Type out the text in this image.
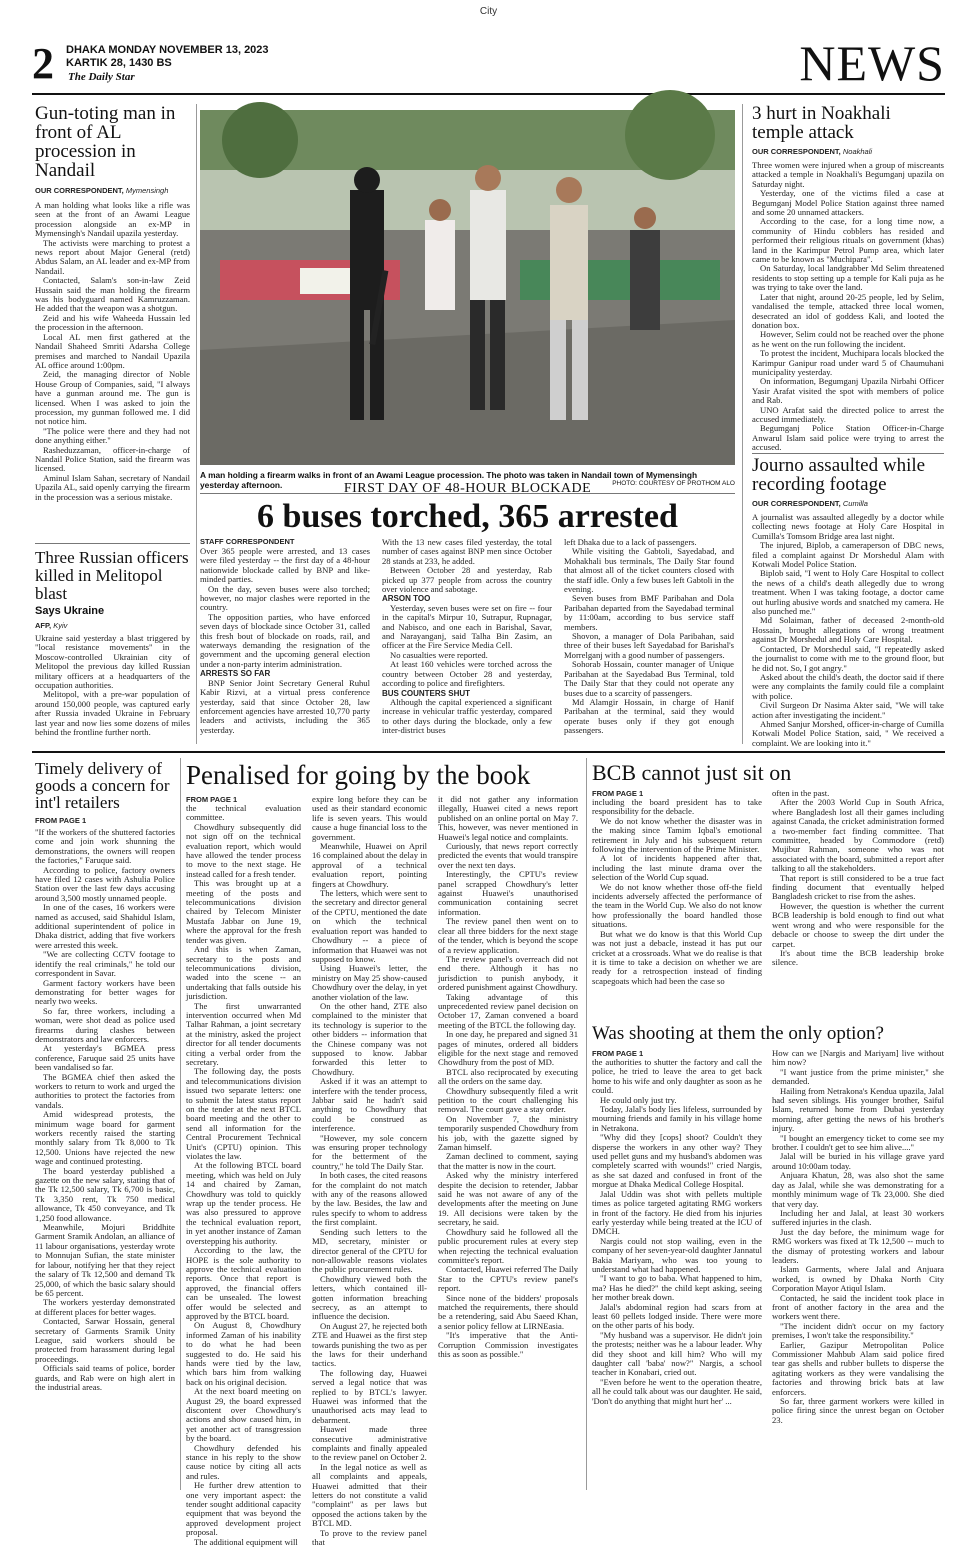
City
2 DHAKA MONDAY NOVEMBER 13, 2023
KARTIK 28, 1430 BS
The Daily Star	NEWS
Gun-toting man in front of AL procession in Nandail
OUR CORRESPONDENT, Mymensingh

A man holding what looks like a rifle was seen at the front of an Awami League procession alongside an ex-MP in Mymensingh's Nandail upazila yesterday.

The activists were marching to protest a news report about Major General (retd) Abdus Salam, an AL leader and ex-MP from Nandail.

Contacted, Salam's son-in-law Zeid Hussain said the man holding the firearm was his bodyguard named Kamruzzaman. He added that the weapon was a shotgun.

Zeid and his wife Waheeda Hussain led the procession in the afternoon.

Local AL men first gathered at the Nandail Shaheed Smriti Adarsha College premises and marched to Nandail Upazila AL office around 1:00pm.

Zeid, the managing director of Noble House Group of Companies, said, "I always have a gunman around me. The gun is licensed. When I was asked to join the procession, my gunman followed me. I did not notice him.

"The police were there and they had not done anything either."

Rasheduzzaman, officer-in-charge of Nandail Police Station, said the firearm was licensed.

Aminul Islam Sahan, secretary of Nandail Upazila AL, said openly carrying the firearm in the procession was a serious mistake.

Three Russian officers killed in Melitopol blast
Says Ukraine
AFP, Kyiv

Ukraine said yesterday a blast triggered by "local resistance movements" in the Moscow-controlled Ukrainian city of Melitopol the previous day killed Russian military officers at a headquarters of the occupation authorities.

Melitopol, with a pre-war population of around 150,000 people, was captured early after Russia invaded Ukraine in February last year and now lies some dozens of miles behind the frontline further north.

A man holding a firearm walks in front of an Awami League procession. The photo was taken in Nandail town of Mymensingh yesterday afternoon.	PHOTO: COURTESY OF PROTHOM ALO
FIRST DAY OF 48-HOUR BLOCKADE
6 buses torched, 365 arrested
STAFF CORRESPONDENT

Over 365 people were arrested, and 13 cases were filed yesterday -- the first day of a 48-hour nationwide blockade called by BNP and like-minded parties.

On the day, seven buses were also torched; however, no major clashes were reported in the country.

The opposition parties, who have enforced seven days of blockade since October 31, called this fresh bout of blockade on roads, rail, and waterways demanding the resignation of the government and the upcoming general election under a non-party interim administration.

ARRESTS SO FAR

BNP Senior Joint Secretary General Ruhul Kabir Rizvi, at a virtual press conference yesterday, said that since October 28, law enforcement agencies have arrested 10,770 party leaders and activists, including the 365 yesterday.

With the 13 new cases filed yesterday, the total number of cases against BNP men since October 28 stands at 233, he added.

Between October 28 and yesterday, Rab picked up 377 people from across the country over violence and sabotage.

ARSON TOO

Yesterday, seven buses were set on fire -- four in the capital's Mirpur 10, Sutrapur, Rupnagar, and Nabisco, and one each in Barishal, Savar, and Narayanganj, said Talha Bin Zasim, an officer at the Fire Service Media Cell.

No casualties were reported.

At least 160 vehicles were torched across the country between October 28 and yesterday, according to police and firefighters.

BUS COUNTERS SHUT

Although the capital experienced a significant increase in vehicular traffic yesterday, compared to other days during the blockade, only a few inter-district buses

left Dhaka due to a lack of passengers.

While visiting the Gabtoli, Sayedabad, and Mohakhali bus terminals, The Daily Star found that almost all of the ticket counters closed with the staff idle. Only a few buses left Gabtoli in the evening.

Seven buses from BMF Paribahan and Dola Paribahan departed from the Sayedabad terminal by 11:00am, according to bus service staff members.

Shovon, a manager of Dola Paribahan, said three of their buses left Sayedabad for Barishal's Morrelganj with a good number of passengers.

Sohorab Hossain, counter manager of Unique Paribahan at the Sayedabad Bus Terminal, told The Daily Star that they could not operate any buses due to a scarcity of passengers.

Md Alamgir Hossain, in charge of Hanif Paribahan at the terminal, said they would operate buses only if they got enough passengers.

3 hurt in Noakhali temple attack
OUR CORRESPONDENT, Noakhali

Three women were injured when a group of miscreants attacked a temple in Noakhali's Begumganj upazila on Saturday night.

Yesterday, one of the victims filed a case at Begumganj Model Police Station against three named and some 20 unnamed attackers.

According to the case, for a long time now, a community of Hindu cobblers has resided and performed their religious rituals on government (khas) land in the Karimpur Petrol Pump area, which later came to be known as "Muchipara".

On Saturday, local landgrabber Md Selim threatened residents to stop setting up a temple for Kali puja as he was trying to take over the land.

Later that night, around 20-25 people, led by Selim, vandalised the temple, attacked three local women, desecrated an idol of goddess Kali, and looted the donation box.

However, Selim could not be reached over the phone as he went on the run following the incident.

To protest the incident, Muchipara locals blocked the Karimpur Ganipur road under ward 5 of Chaumuhani municipality yesterday.

On information, Begumganj Upazila Nirbahi Officer Yasir Arafat visited the spot with members of police and Rab.

UNO Arafat said the directed police to arrest the accused immediately.

Begumganj Police Station Officer-in-Charge Anwarul Islam said police were trying to arrest the accused.

Journo assaulted while recording footage
OUR CORRESPONDENT, Cumilla

A journalist was assaulted allegedly by a doctor while collecting news footage at Holy Care Hospital in Cumilla's Tomsom Bridge area last night.

The injured, Biplob, a cameraperson of DBC news, filed a complaint against Dr Morshedul Alam with Kotwali Model Police Station.

Biplob said, "I went to Holy Care Hospital to collect the news of a child's death allegedly due to wrong treatment. When I was taking footage, a doctor came out hurling abusive words and snatched my camera. He also punched me."

Md Solaiman, father of deceased 2-month-old Hossain, brought allegations of wrong treatment against Dr Morshedul and Holy Care Hospital.

Contacted, Dr Morshedul said, "I repeatedly asked the journalist to come with me to the ground floor, but he did not. So, I got angry."

Asked about the child's death, the doctor said if there were any complaints the family could file a complaint with police.

Civil Surgeon Dr Nasima Akter said, "We will take action after investigating the incident."

Ahmed Sanjur Morshed, officer-in-charge of Cumilla Kotwali Model Police Station, said, " We received a complaint. We are looking into it."

Timely delivery of goods a concern for int'l retailers
FROM PAGE 1

"If the workers of the shuttered factories come and join work shunning the demonstrations, the owners will reopen the factories," Faruque said.

According to police, factory owners have filed 12 cases with Ashulia Police Station over the last few days accusing around 3,500 mostly unnamed people.

In one of the cases, 16 workers were named as accused, said Shahidul Islam, additional superintendent of police in Dhaka district, adding that five workers were arrested this week.

"We are collecting CCTV footage to identify the real criminals," he told our correspondent in Savar.

Garment factory workers have been demonstrating for better wages for nearly two weeks.

So far, three workers, including a woman, were shot dead as police used firearms during clashes between demonstrators and law enforcers.

At yesterday's BGMEA press conference, Faruque said 25 units have been vandalised so far.

The BGMEA chief then asked the workers to return to work and urged the authorities to protect the factories from vandals.

Amid widespread protests, the minimum wage board for garment workers recently raised the starting monthly salary from Tk 8,000 to Tk 12,500. Unions have rejected the new wage and continued protesting.

The board yesterday published a gazette on the new salary, stating that of the Tk 12,500 salary, Tk 6,700 is basic, Tk 3,350 rent, Tk 750 medical allowance, Tk 450 conveyance, and Tk 1,250 food allowance.

Meanwhile, Mojuri Briddhite Garment Sramik Andolan, an alliance of 11 labour organisations, yesterday wrote to Monnujan Sufian, the state minister for labour, notifying her that they reject the salary of Tk 12,500 and demand Tk 25,000, of which the basic salary should be 65 percent.

The workers yesterday demonstrated at different places for better wages.

Contacted, Sarwar Hossain, general secretary of Garments Sramik Unity League, said workers should be protected from harassment during legal proceedings.

Officials said teams of police, border guards, and Rab were on high alert in the industrial areas.

Penalised for going by the book
FROM PAGE 1

the technical evaluation committee.

Chowdhury subsequently did not sign off on the technical evaluation report, which would have allowed the tender process to move to the next stage. He instead called for a fresh tender.

This was brought up at a meeting of the posts and telecommunications division chaired by Telecom Minister Mustafa Jabbar on June 19, where the approval for the fresh tender was given.

And this is when Zaman, secretary to the posts and telecommunications division, waded into the scene -- an undertaking that falls outside his jurisdiction.

The first unwarranted intervention occurred when Md Talhar Rahman, a joint secretary at the ministry, asked the project director for all tender documents citing a verbal order from the secretary.

The following day, the posts and telecommunications division issued two separate letters: one to submit the latest status report on the tender at the next BTCL board meeting and the other to send all information for the Central Procurement Technical Unit's (CPTU) opinion. This violates the law.

At the following BTCL board meeting, which was held on July 14 and chaired by Zaman, Chowdhury was told to quickly wrap up the tender process. He was also pressured to approve the technical evaluation report, in yet another instance of Zaman overstepping his authority.

According to the law, the HOPE is the sole authority to approve the technical evaluation reports. Once that report is approved, the financial offers can be unsealed. The lowest offer would be selected and approved by the BTCL board.

On August 8, Chowdhury informed Zaman of his inability to do what he had been suggested to do. He said his hands were tied by the law, which bars him from walking back on his original decision.

At the next board meeting on August 29, the board expressed discontent over Chowdhury's actions and show caused him, in yet another act of transgression by the board.

Chowdhury defended his stance in his reply to the show cause notice by citing all acts and rules.

He further drew attention to one very important aspect: the tender sought additional capacity equipment that was beyond the approved development project proposal.

The additional equipment will

expire long before they can be used as their standard economic life is seven years. This would cause a huge financial loss to the government.

Meanwhile, Huawei on April 16 complained about the delay in approval of a technical evaluation report, pointing fingers at Chowdhury.

The letters, which were sent to the secretary and director general of the CPTU, mentioned the date on which the technical evaluation report was handed to Chowdhury -- a piece of information that Huawei was not supposed to know.

Using Huawei's letter, the ministry on May 25 show-caused Chowdhury over the delay, in yet another violation of the law.

On the other hand, ZTE also complained to the minister that its technology is superior to the other bidders -- information that the Chinese company was not supposed to know. Jabbar forwarded this letter to Chowdhury.

Asked if it was an attempt to interfere with the tender process, Jabbar said he hadn't said anything to Chowdhury that could be construed as interference.

"However, my sole concern was ensuring proper technology for the betterment of the country," he told The Daily Star.

In both cases, the cited reasons for the complaint do not match with any of the reasons allowed by the law. Besides, the law and rules specify to whom to address the first complaint.

Sending such letters to the MD, secretary, minister or director general of the CPTU for non-allowable reasons violates the public procurement rules.

Chowdhury viewed both the letters, which contained ill-gotten information breaching secrecy, as an attempt to influence the decision.

On August 27, he rejected both ZTE and Huawei as the first step towards punishing the two as per the laws for their underhand tactics.

The following day, Huawei served a legal notice that was replied to by BTCL's lawyer. Huawei was informed that the unauthorised acts may lead to debarment.

Huawei made three consecutive administrative complaints and finally appealed to the review panel on October 2.

In the legal notice as well as all complaints and appeals, Huawei admitted that their letters do not constitute a valid "complaint" as per laws but opposed the actions taken by the BTCL MD.

To prove to the review panel that

it did not gather any information illegally, Huawei cited a news report published on an online portal on May 7. This, however, was never mentioned in Huawei's legal notice and complaints.

Curiously, that news report correctly predicted the events that would transpire over the next ten days.

Interestingly, the CPTU's review panel scrapped Chowdhury's letter against Huawei's unauthorised communication containing secret information.

The review panel then went on to clear all three bidders for the next stage of the tender, which is beyond the scope of a review application.

The review panel's overreach did not end there. Although it has no jurisdiction to punish anybody, it ordered punishment against Chowdhury.

Taking advantage of this unprecedented review panel decision on October 17, Zaman convened a board meeting of the BTCL the following day.

In one day, he prepared and signed 31 pages of minutes, ordered all bidders eligible for the next stage and removed Chowdhury from the post of MD.

BTCL also reciprocated by executing all the orders on the same day.

Chowdhury subsequently filed a writ petition to the court challenging his removal. The court gave a stay order.

On November 7, the ministry temporarily suspended Chowdhury from his job, with the gazette signed by Zaman himself.

Zaman declined to comment, saying that the matter is now in the court.

Asked why the ministry interfered despite the decision to retender, Jabbar said he was not aware of any of the developments after the meeting on June 19. All decisions were taken by the secretary, he said.

Chowdhury said he followed all the public procurement rules at every step when rejecting the technical evaluation committee's report.

Contacted, Huawei referred The Daily Star to the CPTU's review panel's report.

Since none of the bidders' proposals matched the requirements, there should be a retendering, said Abu Saeed Khan, a senior policy fellow at LIRNEasia.

"It's imperative that the Anti-Corruption Commission investigates this as soon as possible."

BCB cannot just sit on
FROM PAGE 1

including the board president has to take responsibility for the debacle.

We do not know whether the disaster was in the making since Tamim Iqbal's emotional retirement in July and his subsequent return following the intervention of the Prime Minister.

A lot of incidents happened after that, including the last minute drama over the selection of the World Cup squad.

We do not know whether those off-the field incidents adversely affected the performance of the team in the World Cup. We also do not know how professionally the board handled those situations.

But what we do know is that this World Cup was not just a debacle, instead it has put our cricket at a crossroads. What we do realise is that it is time to take a decision on whether we are ready for a retrospection instead of finding scapegoats which had been the case so

often in the past.

After the 2003 World Cup in South Africa, where Bangladesh lost all their games including against Canada, the cricket administration formed a two-member fact finding committee. That committee, headed by Commodore (retd) Mujibur Rahman, someone who was not associated with the board, submitted a report after talking to all the stakeholders.

That report is still considered to be a true fact finding document that eventually helped Bangladesh cricket to rise from the ashes.

However, the question is whether the current BCB leadership is bold enough to find out what went wrong and who were responsible for the debacle or choose to sweep the dirt under the carpet.

It's about time the BCB leadership broke silence.

Was shooting at them the only option?
FROM PAGE 1

the authorities to shutter the factory and call the police, he tried to leave the area to get back home to his wife and only daughter as soon as he could.

He could only just try.

Today, Jalal's body lies lifeless, surrounded by mourning friends and family in his village home in Netrakona.

"Why did they [cops] shoot? Couldn't they disperse the workers in any other way? They used pellet guns and my husband's abdomen was completely scarred with wounds!" cried Nargis, as she sat dazed and confused in front of the morgue at Dhaka Medical College Hospital.

Jalal Uddin was shot with pellets multiple times as police targeted agitating RMG workers in front of the factory. He died from his injuries early yesterday while being treated at the ICU of DMCH.

Nargis could not stop wailing, even in the company of her seven-year-old daughter Jannatul Bakia Mariyam, who was too young to understand what had happened.

"I want to go to baba. What happened to him, ma? Has he died?" the child kept asking, seeing her mother break down.

Jalal's abdominal region had scars from at least 60 pellets lodged inside. There were more on the other parts of his body.

"My husband was a supervisor. He didn't join the protests; neither was he a labour leader. Why did they shoot and kill him? Who will my daughter call 'baba' now?" Nargis, a school teacher in Konabari, cried out.

"Even before he went to the operation theatre, all he could talk about was our daughter. He said, 'Don't do anything that might hurt her' ...

How can we [Nargis and Mariyam] live without him now?

"I want justice from the prime minister," she demanded.

Hailing from Netrakona's Kendua upazila, Jalal had seven siblings. His younger brother, Saiful Islam, returned home from Dubai yesterday morning, after getting the news of his brother's injury.

"I bought an emergency ticket to come see my brother. I couldn't get to see him alive...."

Jalal will be buried in his village grave yard around 10:00am today.

Anjuara Khatun, 28, was also shot the same day as Jalal, while she was demonstrating for a monthly minimum wage of Tk 23,000. She died that very day.

Including her and Jalal, at least 30 workers suffered injuries in the clash.

Just the day before, the minimum wage for RMG workers was fixed at Tk 12,500 -- much to the dismay of protesting workers and labour leaders.

Islam Garments, where Jalal and Anjuara worked, is owned by Dhaka North City Corporation Mayor Atiqul Islam.

Contacted, he said the incident took place in front of another factory in the area and the workers went there.

"The incident didn't occur on my factory premises, I won't take the responsibility."

Earlier, Gazipur Metropolitan Police Commissioner Mahbub Alam said police fired tear gas shells and rubber bullets to disperse the agitating workers as they were vandalising the factories and throwing brick bats at law enforcers.

So far, three garment workers were killed in police firing since the unrest began on October 23.
